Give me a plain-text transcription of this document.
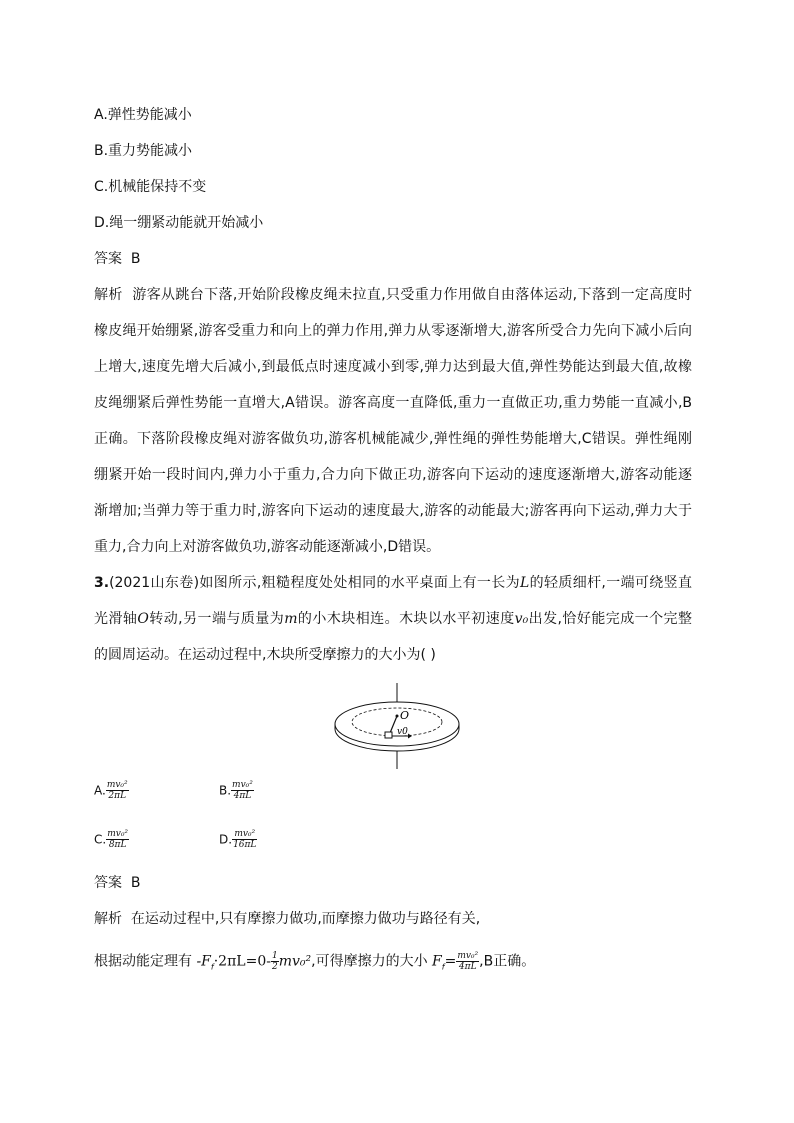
A.弹性势能减小
B.重力势能减小
C.机械能保持不变
D.绳一绷紧动能就开始减小
答案 B
解析 游客从跳台下落,开始阶段橡皮绳未拉直,只受重力作用做自由落体运动,下落到一定高度时
橡皮绳开始绷紧,游客受重力和向上的弹力作用,弹力从零逐渐增大,游客所受合力先向下减小后向
上增大,速度先增大后减小,到最低点时速度减小到零,弹力达到最大值,弹性势能达到最大值,故橡
皮绳绷紧后弹性势能一直增大,A错误。游客高度一直降低,重力一直做正功,重力势能一直减小,B
正确。下落阶段橡皮绳对游客做负功,游客机械能减少,弹性绳的弹性势能增大,C错误。弹性绳刚
绷紧开始一段时间内,弹力小于重力,合力向下做正功,游客向下运动的速度逐渐增大,游客动能逐
渐增加;当弹力等于重力时,游客向下运动的速度最大,游客的动能最大;游客再向下运动,弹力大于
重力,合力向上对游客做负功,游客动能逐渐减小,D错误。
3.(2021山东卷)如图所示,粗糙程度处处相同的水平桌面上有一长为L的轻质细杆,一端可绕竖直
光滑轴O转动,另一端与质量为m的小木块相连。木块以水平初速度v₀出发,恰好能完成一个完整
的圆周运动。在运动过程中,木块所受摩擦力的大小为( )
O
v0
A. $\frac{\text{mv₀²}}{2\pi L}$	B. $\frac{\text{mv₀²}}{4\pi L}$
C. $\frac{\text{mv₀²}}{8\pi L}$	D. $\frac{\text{mv₀²}}{16\pi L}$
答案 B
解析 在运动过程中,只有摩擦力做功,而摩擦力做功与路径有关,
根据动能定理有 $-F_f\cdot 2\pi L=0- \frac{1}{2} mv_0^2$,可得摩擦力的大小 $F_f= \frac{\text{mv₀²}}{4\pi L} ,B$正确。
